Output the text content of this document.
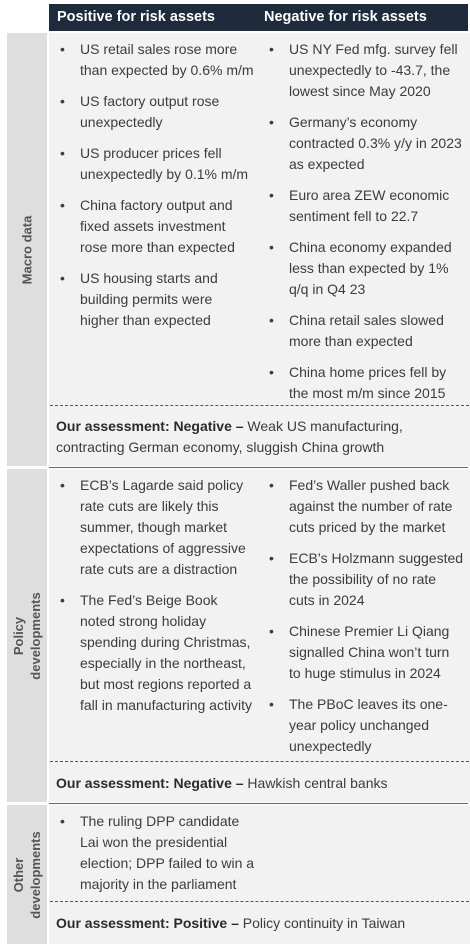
Positive for risk assets	Negative for risk assets
Macro data
• US retail sales rose more than expected by 0.6% m/m
• US factory output rose unexpectedly
• US producer prices fell unexpectedly by 0.1% m/m
• China factory output and fixed assets investment rose more than expected
• US housing starts and building permits were higher than expected
• US NY Fed mfg. survey fell unexpectedly to -43.7, the lowest since May 2020
• Germany’s economy contracted 0.3% y/y in 2023 as expected
• Euro area ZEW economic sentiment fell to 22.7
• China economy expanded less than expected by 1% q/q in Q4 23
• China retail sales slowed more than expected
• China home prices fell by the most m/m since 2015
Our assessment: Negative – Weak US manufacturing, contracting German economy, sluggish China growth
Policy developments
• ECB’s Lagarde said policy rate cuts are likely this summer, though market expectations of aggressive rate cuts are a distraction
• The Fed’s Beige Book noted strong holiday spending during Christmas, especially in the northeast, but most regions reported a fall in manufacturing activity
• Fed’s Waller pushed back against the number of rate cuts priced by the market
• ECB’s Holzmann suggested the possibility of no rate cuts in 2024
• Chinese Premier Li Qiang signalled China won’t turn to huge stimulus in 2024
• The PBoC leaves its one-year policy unchanged unexpectedly
Our assessment: Negative – Hawkish central banks
Other developments
• The ruling DPP candidate Lai won the presidential election; DPP failed to win a majority in the parliament
Our assessment: Positive – Policy continuity in Taiwan
